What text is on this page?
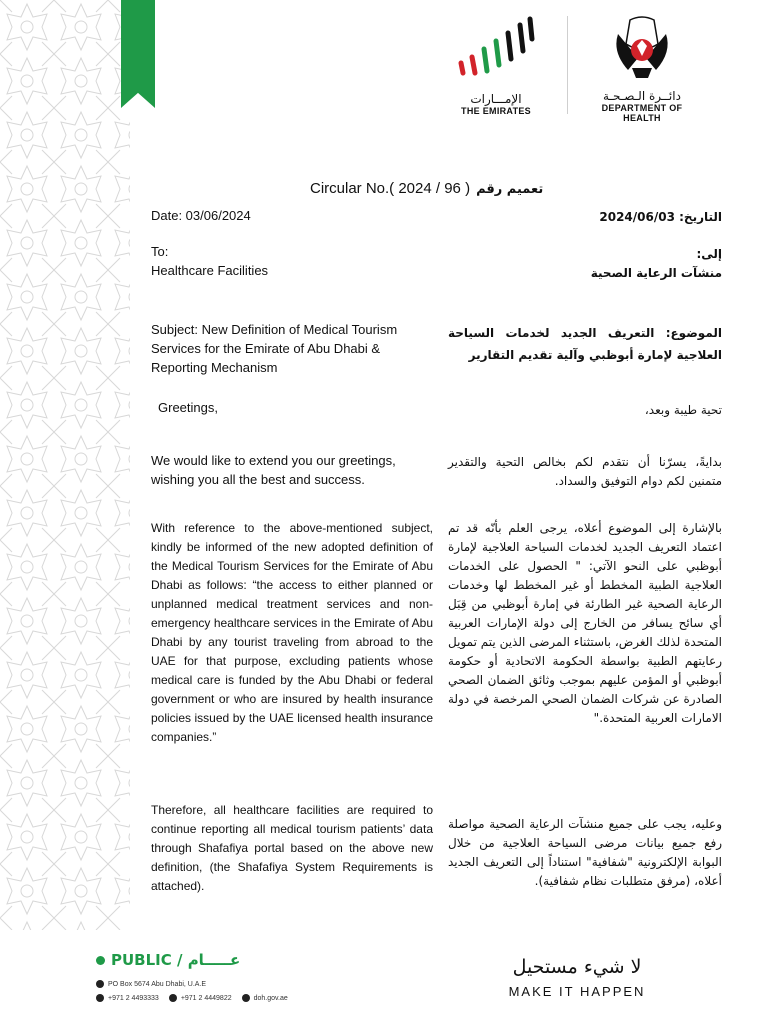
الإمـــارات
THE EMIRATES
دائــرة الـصـحـة
DEPARTMENT OF HEALTH
Circular No.( 2024 / 96 ) تعميم رقم
Date: 03/06/2024	التاريخ: 2024/06/03
To:
Healthcare Facilities
إلى:
منشآت الرعاية الصحية
Subject: New Definition of Medical Tourism Services for the Emirate of Abu Dhabi & Reporting Mechanism
الموضوع: التعريف الجديد لخدمات السياحة العلاجية لإمارة أبوظبي وآلية تقديم التقارير
Greetings,	تحية طيبة وبعد،
We would like to extend you our greetings, wishing you all the best and success.
بدايةً، يسرّنا أن نتقدم لكم بخالص التحية والتقدير متمنين لكم دوام التوفيق والسداد.
With reference to the above-mentioned subject, kindly be informed of the new adopted definition of the Medical Tourism Services for the Emirate of Abu Dhabi as follows: “the access to either planned or unplanned medical treatment services and non-emergency healthcare services in the Emirate of Abu Dhabi by any tourist traveling from abroad to the UAE for that purpose, excluding patients whose medical care is funded by the Abu Dhabi or federal government or who are insured by health insurance policies issued by the UAE licensed health insurance companies.”
بالإشارة إلى الموضوع أعلاه، يرجى العلم بأنّه قد تم اعتماد التعريف الجديد لخدمات السياحة العلاجية لإمارة أبوظبي على النحو الآتي: " الحصول على الخدمات العلاجية الطبية المخطط أو غير المخطط لها وخدمات الرعاية الصحية غير الطارئة في إمارة أبوظبي من قِبَل أي سائح يسافر من الخارج إلى دولة الإمارات العربية المتحدة لذلك الغرض، باستثناء المرضى الذين يتم تمويل رعايتهم الطبية بواسطة الحكومة الاتحادية أو حكومة أبوظبي أو المؤمن عليهم بموجب وثائق الضمان الصحي الصادرة عن شركات الضمان الصحي المرخصة في دولة الامارات العربية المتحدة."
Therefore, all healthcare facilities are required to continue reporting all medical tourism patients’ data through Shafafiya portal based on the above new definition, (the Shafafiya System Requirements is attached).
وعليه، يجب على جميع منشآت الرعاية الصحية مواصلة رفع جميع بيانات مرضى السياحة العلاجية من خلال البوابة الإلكترونية "شفافية" استناداً إلى التعريف الجديد أعلاه، (مرفق متطلبات نظام شفافية).
PUBLIC / عـــــام
PO Box 5674 Abu Dhabi, U.A.E
+971 2 4493333	+971 2 4449822	doh.gov.ae
لا شيء مستحيل
MAKE IT HAPPEN
